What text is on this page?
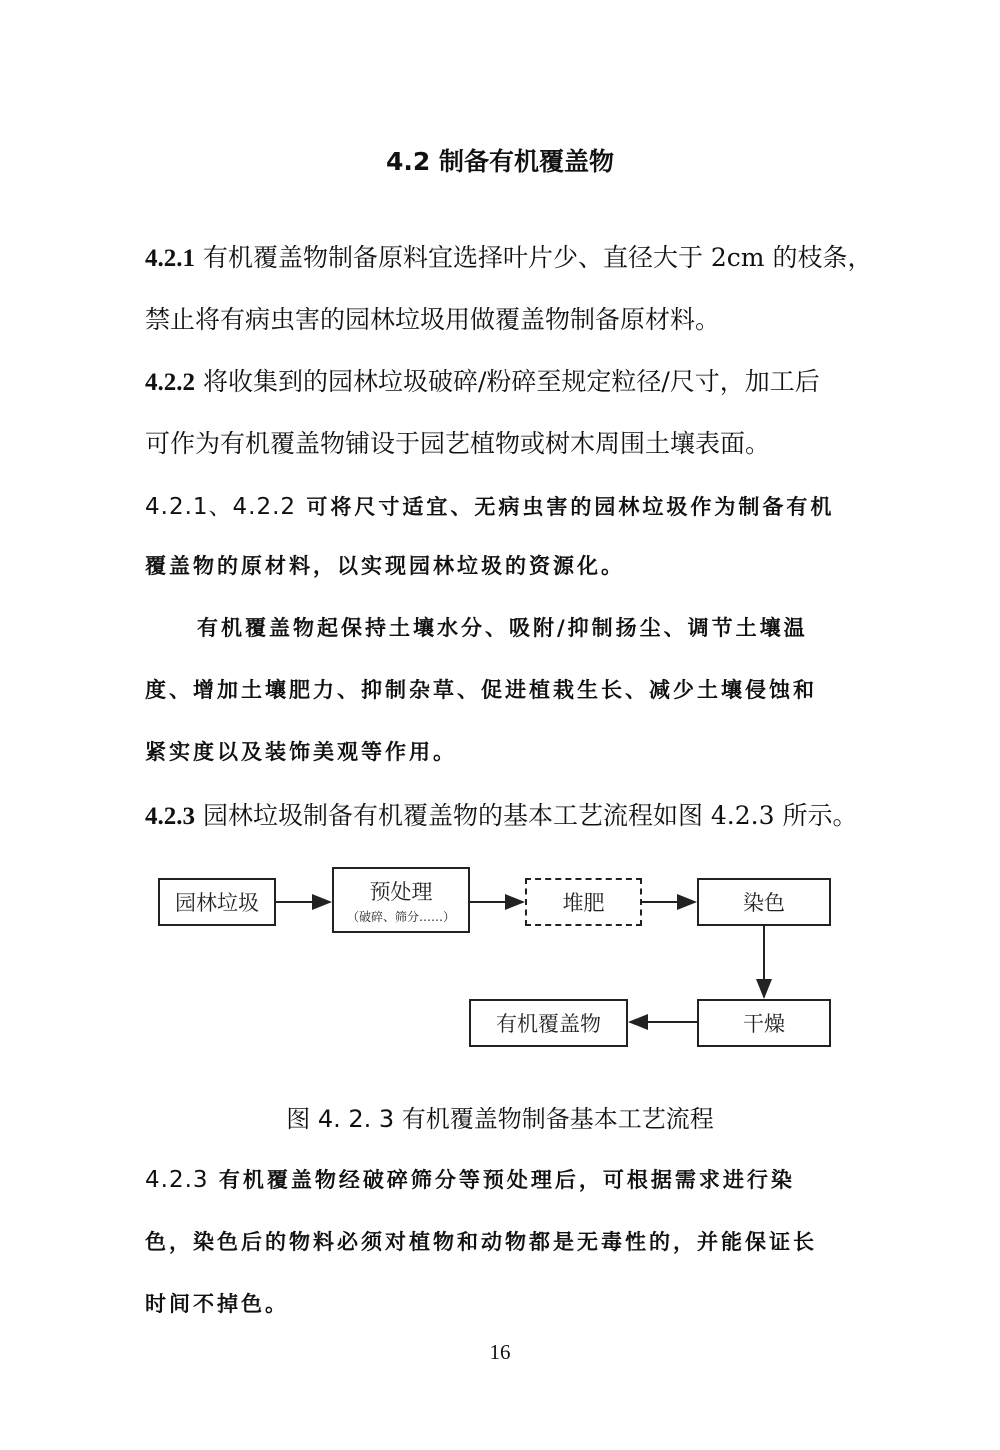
4.2 制备有机覆盖物
4.2.1 有机覆盖物制备原料宜选择叶片少、直径大于 2cm 的枝条，
禁止将有病虫害的园林垃圾用做覆盖物制备原材料。
4.2.2 将收集到的园林垃圾破碎/粉碎至规定粒径/尺寸，加工后
可作为有机覆盖物铺设于园艺植物或树木周围土壤表面。
4.2.1、4.2.2 可将尺寸适宜、无病虫害的园林垃圾作为制备有机
覆盖物的原材料，以实现园林垃圾的资源化。
有机覆盖物起保持土壤水分、吸附/抑制扬尘、调节土壤温
度、增加土壤肥力、抑制杂草、促进植栽生长、减少土壤侵蚀和
紧实度以及装饰美观等作用。
4.2.3 园林垃圾制备有机覆盖物的基本工艺流程如图 4.2.3 所示。
园林垃圾	预处理
（破碎、筛分……）
堆肥	染色
干燥
有机覆盖物
图 4. 2. 3 有机覆盖物制备基本工艺流程
4.2.3 有机覆盖物经破碎筛分等预处理后，可根据需求进行染
色，染色后的物料必须对植物和动物都是无毒性的，并能保证长
时间不掉色。
16
